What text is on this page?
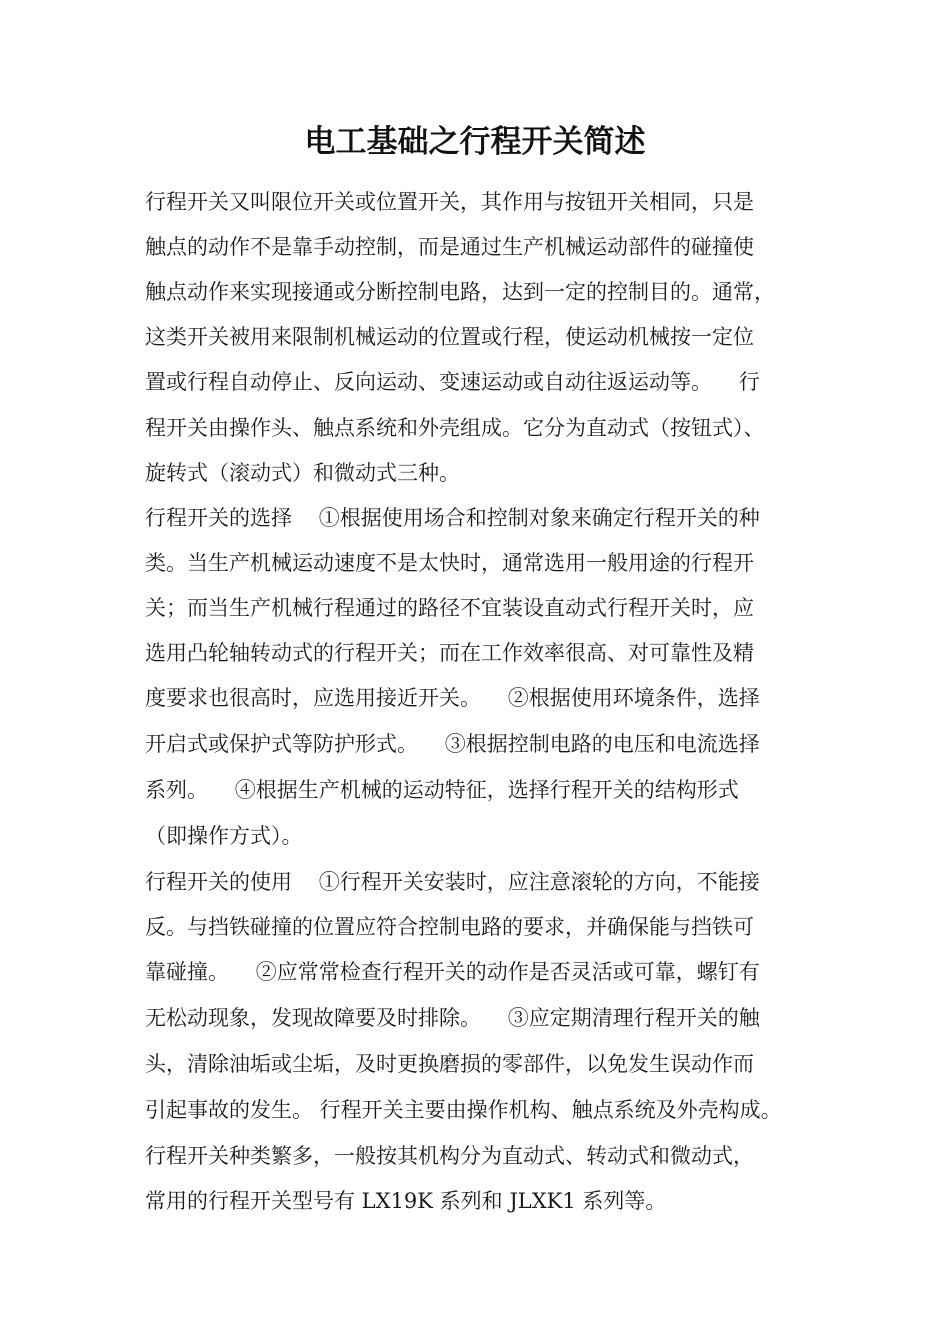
电工基础之行程开关简述

行程开关又叫限位开关或位置开关，其作用与按钮开关相同，只是

触点的动作不是靠手动控制，而是通过生产机械运动部件的碰撞使

触点动作来实现接通或分断控制电路，达到一定的控制目的。通常，

这类开关被用来限制机械运动的位置或行程，使运动机械按一定位

置或行程自动停止、反向运动、变速运动或自动往返运动等。    行

程开关由操作头、触点系统和外壳组成。它分为直动式（按钮式）、

旋转式（滚动式）和微动式三种。

行程开关的选择    ①根据使用场合和控制对象来确定行程开关的种

类。当生产机械运动速度不是太快时，通常选用一般用途的行程开

关；而当生产机械行程通过的路径不宜装设直动式行程开关时，应

选用凸轮轴转动式的行程开关；而在工作效率很高、对可靠性及精

度要求也很高时，应选用接近开关。    ②根据使用环境条件，选择

开启式或保护式等防护形式。    ③根据控制电路的电压和电流选择

系列。    ④根据生产机械的运动特征，选择行程开关的结构形式

（即操作方式）。

行程开关的使用    ①行程开关安装时，应注意滚轮的方向，不能接

反。与挡铁碰撞的位置应符合控制电路的要求，并确保能与挡铁可

靠碰撞。    ②应常常检查行程开关的动作是否灵活或可靠，螺钉有

无松动现象，发现故障要及时排除。    ③应定期清理行程开关的触

头，清除油垢或尘垢，及时更换磨损的零部件，以免发生误动作而

引起事故的发生。 行程开关主要由操作机构、触点系统及外壳构成。

行程开关种类繁多，一般按其机构分为直动式、转动式和微动式，

常用的行程开关型号有 LX19K 系列和 JLXK1 系列等。
